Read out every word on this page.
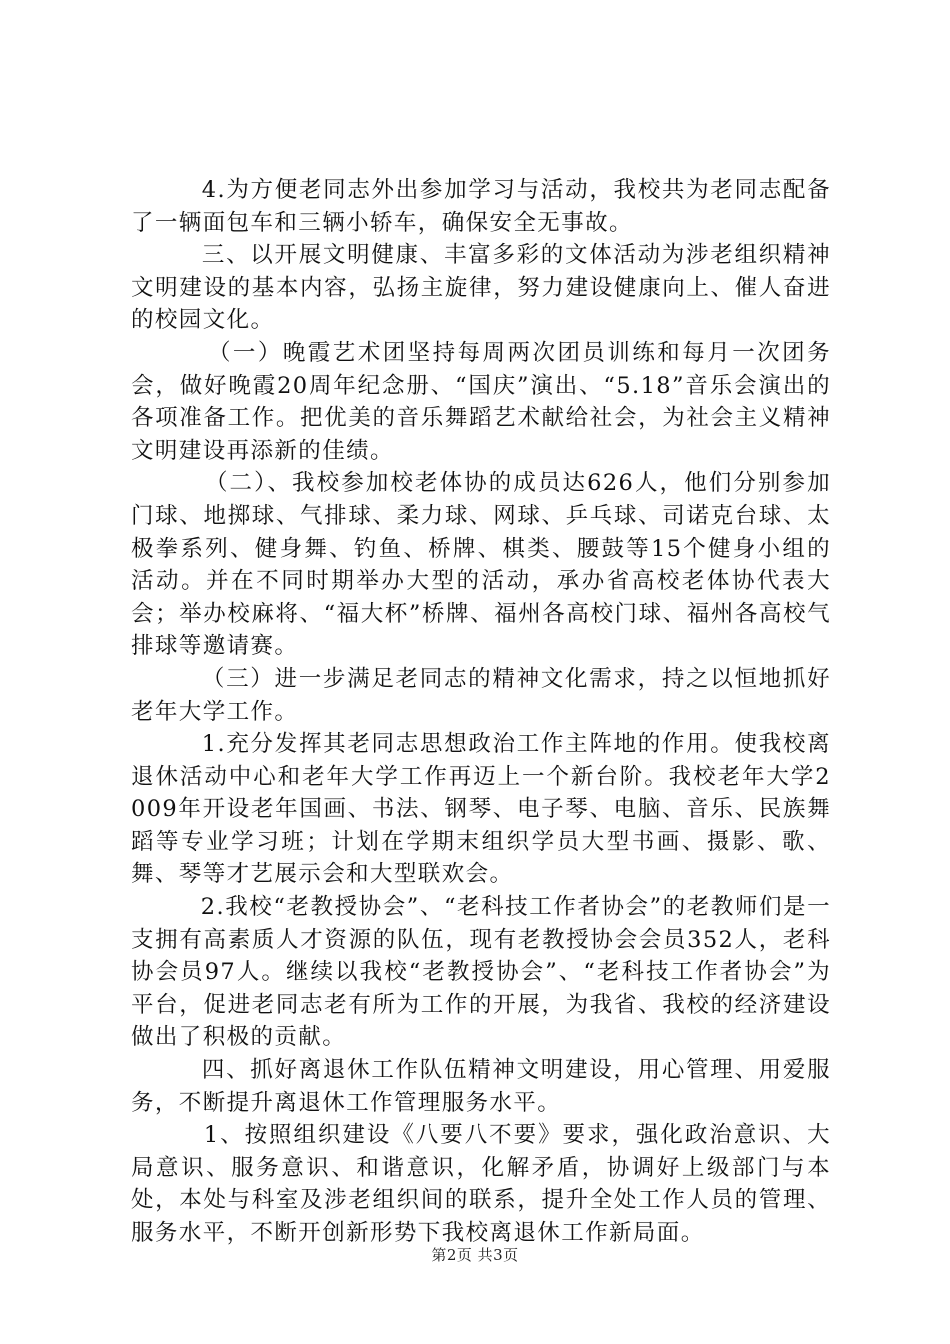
4.为方便老同志外出参加学习与活动，我校共为老同志配备了一辆面包车和三辆小轿车，确保安全无事故。

三、以开展文明健康、丰富多彩的文体活动为涉老组织精神文明建设的基本内容，弘扬主旋律，努力建设健康向上、催人奋进的校园文化。

（一）晚霞艺术团坚持每周两次团员训练和每月一次团务会，做好晚霞20周年纪念册、“国庆”演出、“5.18”音乐会演出的各项准备工作。把优美的音乐舞蹈艺术献给社会，为社会主义精神文明建设再添新的佳绩。

（二）、我校参加校老体协的成员达626人，他们分别参加门球、地掷球、气排球、柔力球、网球、乒乓球、司诺克台球、太极拳系列、健身舞、钓鱼、桥牌、棋类、腰鼓等15个健身小组的活动。并在不同时期举办大型的活动，承办省高校老体协代表大会；举办校麻将、“福大杯”桥牌、福州各高校门球、福州各高校气排球等邀请赛。

（三）进一步满足老同志的精神文化需求，持之以恒地抓好老年大学工作。

1.充分发挥其老同志思想政治工作主阵地的作用。使我校离退休活动中心和老年大学工作再迈上一个新台阶。我校老年大学2009年开设老年国画、书法、钢琴、电子琴、电脑、音乐、民族舞蹈等专业学习班；计划在学期末组织学员大型书画、摄影、歌、舞、琴等才艺展示会和大型联欢会。

2.我校“老教授协会”、“老科技工作者协会”的老教师们是一支拥有高素质人才资源的队伍，现有老教授协会会员352人，老科协会员97人。继续以我校“老教授协会”、“老科技工作者协会”为平台，促进老同志老有所为工作的开展，为我省、我校的经济建设做出了积极的贡献。

四、抓好离退休工作队伍精神文明建设，用心管理、用爱服务，不断提升离退休工作管理服务水平。

1、按照组织建设《八要八不要》要求，强化政治意识、大局意识、服务意识、和谐意识，化解矛盾，协调好上级部门与本处，本处与科室及涉老组织间的联系，提升全处工作人员的管理、服务水平，不断开创新形势下我校离退休工作新局面。

第2页 共3页
